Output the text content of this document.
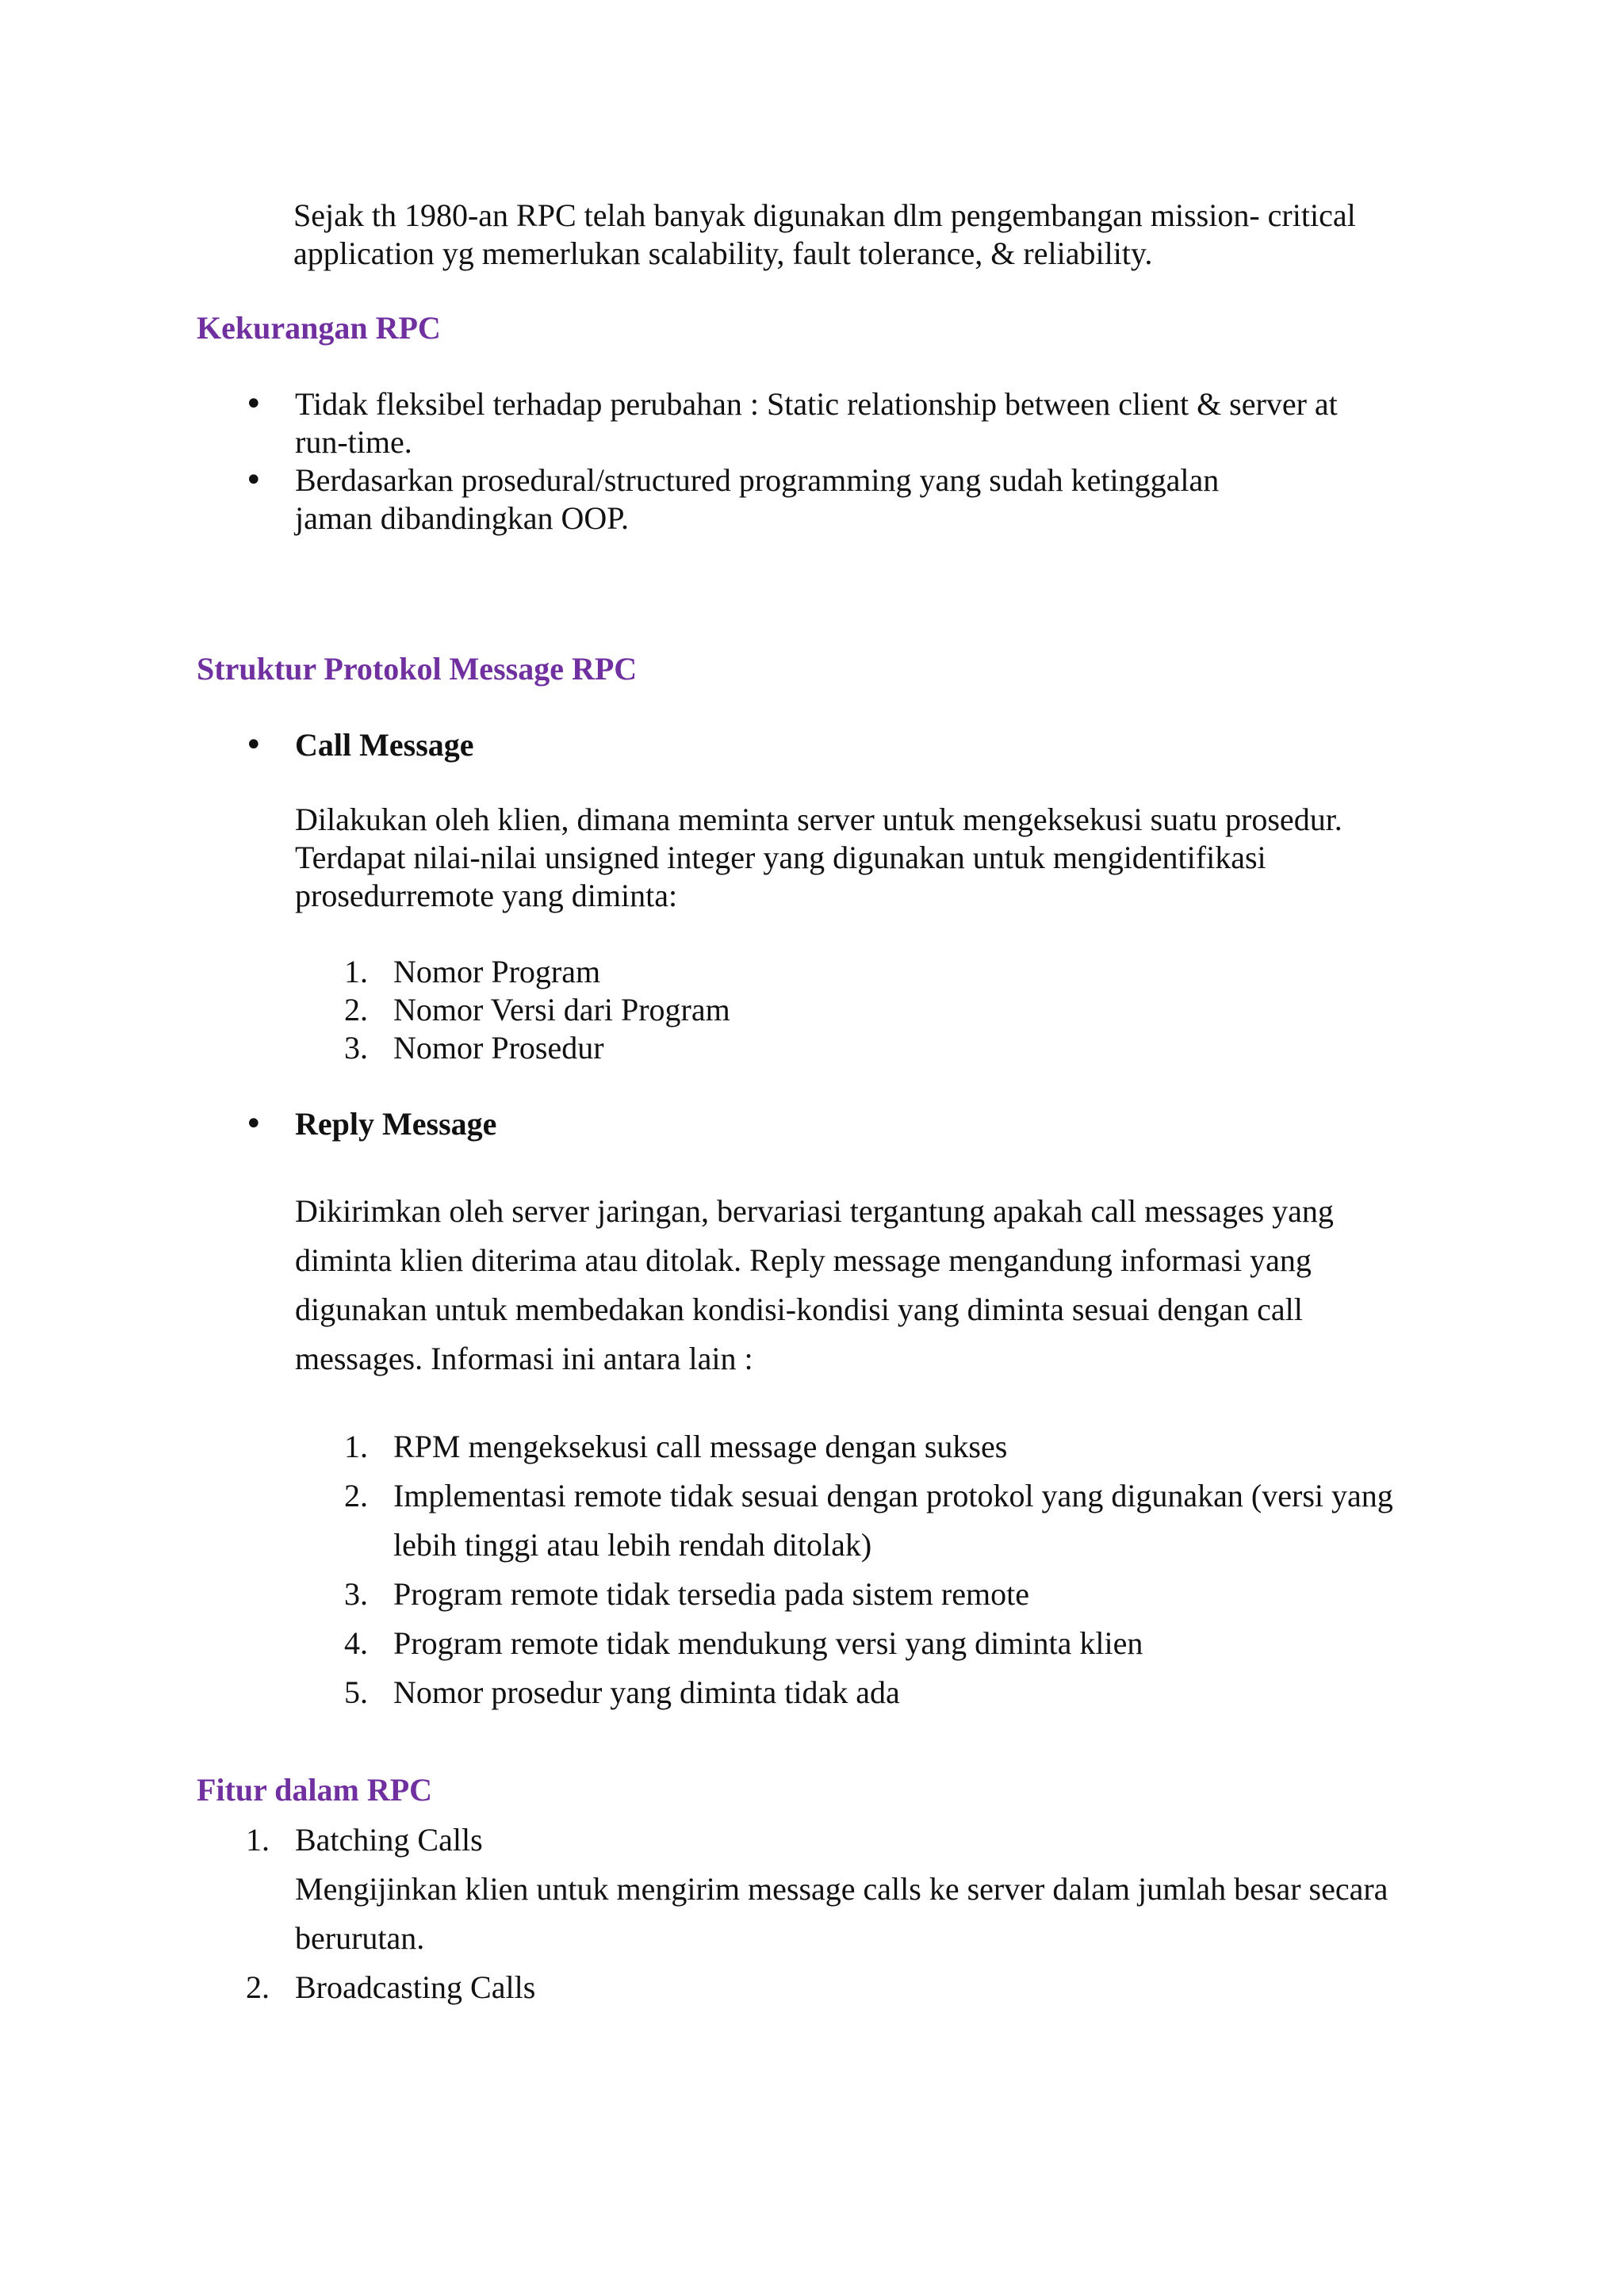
Sejak th 1980-an RPC telah banyak digunakan dlm pengembangan mission- critical
application yg memerlukan scalability, fault tolerance, & reliability.
Kekurangan RPC
• Tidak fleksibel terhadap perubahan : Static relationship between client & server at
run-time.
• Berdasarkan prosedural/structured programming yang sudah ketinggalan
jaman dibandingkan OOP.
Struktur Protokol Message RPC
• Call Message
Dilakukan oleh klien, dimana meminta server untuk mengeksekusi suatu prosedur.
Terdapat nilai-nilai unsigned integer yang digunakan untuk mengidentifikasi
prosedurremote yang diminta:
1. Nomor Program
2. Nomor Versi dari Program
3. Nomor Prosedur
• Reply Message
Dikirimkan oleh server jaringan, bervariasi tergantung apakah call messages yang
diminta klien diterima atau ditolak. Reply message mengandung informasi yang
digunakan untuk membedakan kondisi-kondisi yang diminta sesuai dengan call
messages. Informasi ini antara lain :
1. RPM mengeksekusi call message dengan sukses
2. Implementasi remote tidak sesuai dengan protokol yang digunakan (versi yang
lebih tinggi atau lebih rendah ditolak)
3. Program remote tidak tersedia pada sistem remote
4. Program remote tidak mendukung versi yang diminta klien
5. Nomor prosedur yang diminta tidak ada
Fitur dalam RPC
1. Batching Calls
Mengijinkan klien untuk mengirim message calls ke server dalam jumlah besar secara
berurutan.
2. Broadcasting Calls
